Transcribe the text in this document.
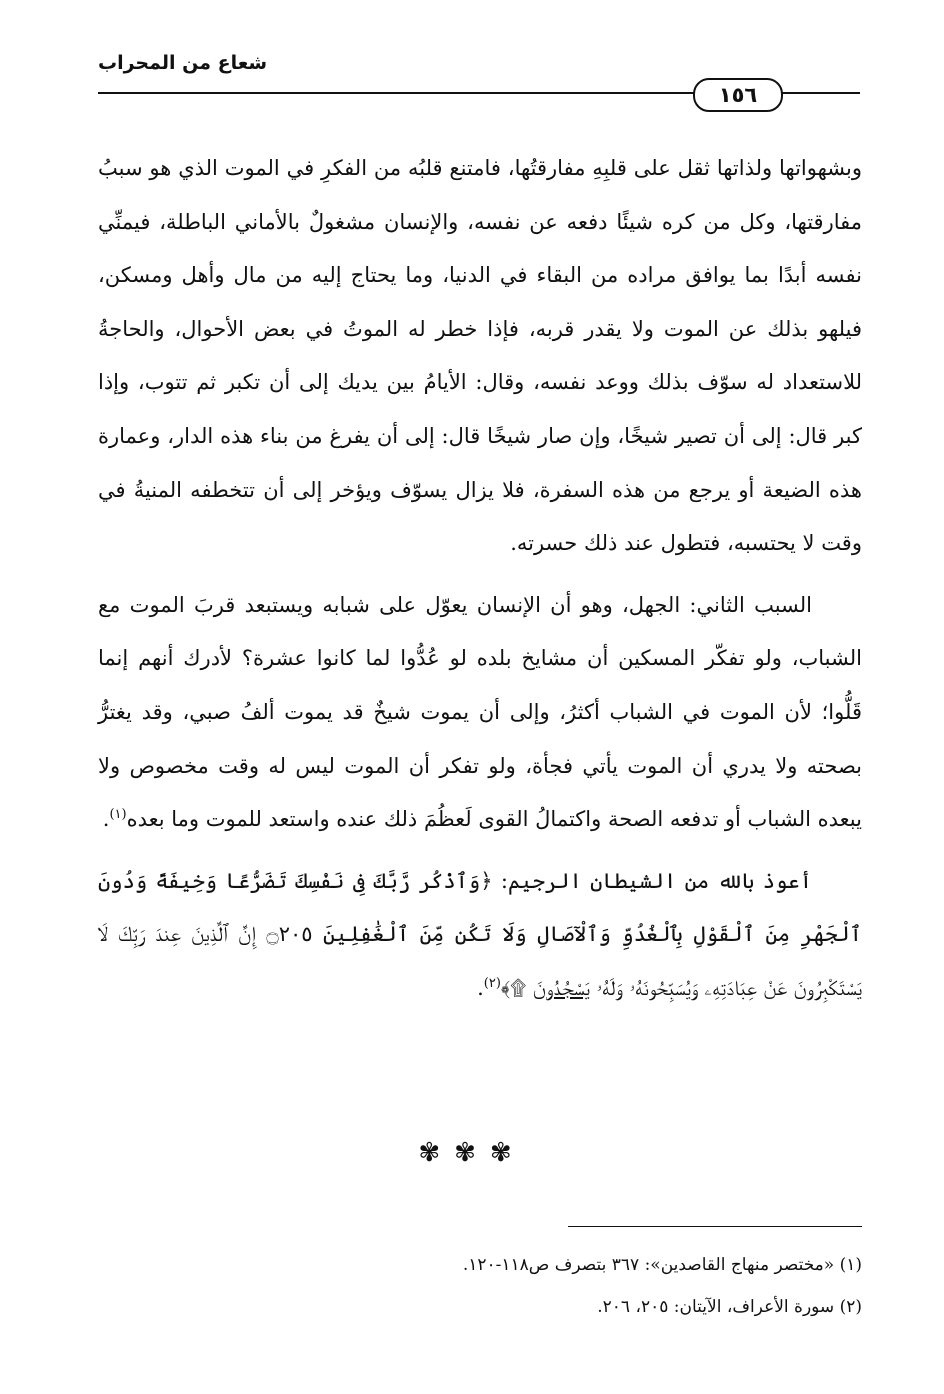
شعاع من المحراب
١٥٦

وبشهواتها ولذاتها ثقل على قلبِهِ مفارقتُها، فامتنع قلبُه من الفكرِ في الموت الذي هو سببُ مفارقتها، وكل من كره شيئًا دفعه عن نفسه، والإنسان مشغولٌ بالأماني الباطلة، فيمنِّي نفسه أبدًا بما يوافق مراده من البقاء في الدنيا، وما يحتاج إليه من مال وأهل ومسكن، فيلهو بذلك عن الموت ولا يقدر قربه، فإذا خطر له الموتُ في بعض الأحوال، والحاجةُ للاستعداد له سوّف بذلك ووعد نفسه، وقال: الأيامُ بين يديك إلى أن تكبر ثم تتوب، وإذا كبر قال: إلى أن تصير شيخًا، وإن صار شيخًا قال: إلى أن يفرغ من بناء هذه الدار، وعمارة هذه الضيعة أو يرجع من هذه السفرة، فلا يزال يسوّف ويؤخر إلى أن تتخطفه المنيةُ في وقت لا يحتسبه، فتطول عند ذلك حسرته.

السبب الثاني: الجهل، وهو أن الإنسان يعوّل على شبابه ويستبعد قربَ الموت مع الشباب، ولو تفكّر المسكين أن مشايخ بلده لو عُدُّوا لما كانوا عشرة؟ لأدرك أنهم إنما قَلُّوا؛ لأن الموت في الشباب أكثرُ، وإلى أن يموت شيخٌ قد يموت ألفُ صبي، وقد يغترُّ بصحته ولا يدري أن الموت يأتي فجأة، ولو تفكر أن الموت ليس له وقت مخصوص ولا يبعده الشباب أو تدفعه الصحة واكتمالُ القوى لَعظُمَ ذلك عنده واستعد للموت وما بعده$^{(١)}$.

أعوذ بالله من الشيطان الرجيم: ﴿وَٱذْكُر رَّبَّكَ فِى نَفْسِكَ تَضَرُّعًا وَخِيفَةً وَدُونَ ٱلْجَهْرِ مِنَ ٱلْقَوْلِ بِٱلْغُدُوِّ وَٱلْآصَالِ وَلَا تَكُن مِّنَ ٱلْغَٰفِلِينَ ۝٢٠٥ إِنَّ ٱلَّذِينَ عِندَ رَبِّكَ لَا يَسْتَكْبِرُونَ عَنْ عِبَادَتِهِۦ وَيُسَبِّحُونَهُۥ وَلَهُۥ يَسْجُدُونَ ۩﴾$^{(٢)}$.

✾✾✾
(١) «مختصر منهاج القاصدين»: ٣٦٧ بتصرف ص١١٨-١٢٠.
(٢) سورة الأعراف، الآيتان: ٢٠٥، ٢٠٦.
